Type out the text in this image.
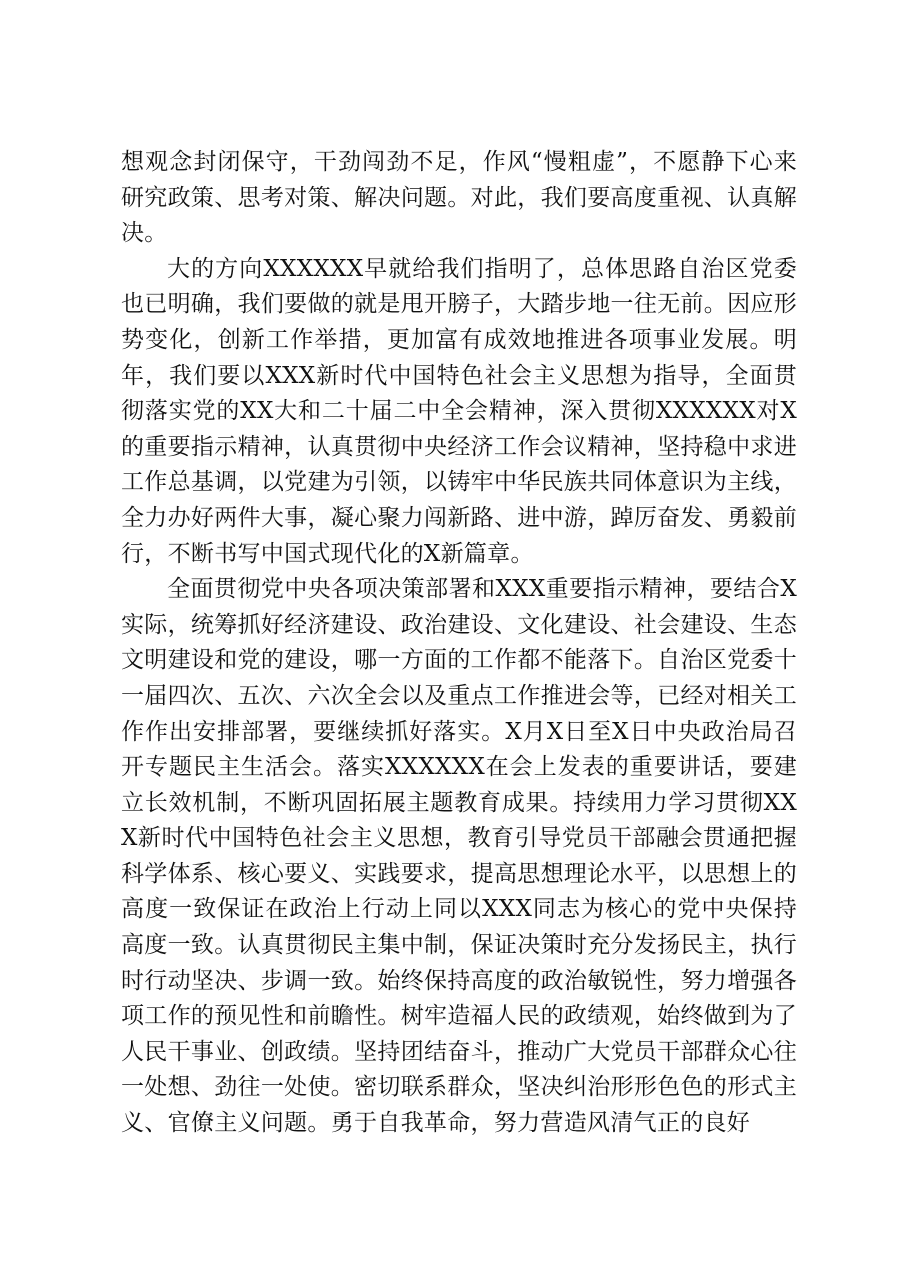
想观念封闭保守，干劲闯劲不足，作风“慢粗虚”，不愿静下心来研究政策、思考对策、解决问题。对此，我们要高度重视、认真解决。

大的方向XXXXXX早就给我们指明了，总体思路自治区党委也已明确，我们要做的就是甩开膀子，大踏步地一往无前。因应形势变化，创新工作举措，更加富有成效地推进各项事业发展。明年，我们要以XXX新时代中国特色社会主义思想为指导，全面贯彻落实党的XX大和二十届二中全会精神，深入贯彻XXXXXX对X的重要指示精神，认真贯彻中央经济工作会议精神，坚持稳中求进工作总基调，以党建为引领，以铸牢中华民族共同体意识为主线，全力办好两件大事，凝心聚力闯新路、进中游，踔厉奋发、勇毅前行，不断书写中国式现代化的X新篇章。

全面贯彻党中央各项决策部署和XXX重要指示精神，要结合X实际，统筹抓好经济建设、政治建设、文化建设、社会建设、生态文明建设和党的建设，哪一方面的工作都不能落下。自治区党委十一届四次、五次、六次全会以及重点工作推进会等，已经对相关工作作出安排部署，要继续抓好落实。X月X日至X日中央政治局召开专题民主生活会。落实XXXXXX在会上发表的重要讲话，要建立长效机制，不断巩固拓展主题教育成果。持续用力学习贯彻XXX新时代中国特色社会主义思想，教育引导党员干部融会贯通把握科学体系、核心要义、实践要求，提高思想理论水平，以思想上的高度一致保证在政治上行动上同以XXX同志为核心的党中央保持高度一致。认真贯彻民主集中制，保证决策时充分发扬民主，执行时行动坚决、步调一致。始终保持高度的政治敏锐性，努力增强各项工作的预见性和前瞻性。树牢造福人民的政绩观，始终做到为了人民干事业、创政绩。坚持团结奋斗，推动广大党员干部群众心往一处想、劲往一处使。密切联系群众，坚决纠治形形色色的形式主义、官僚主义问题。勇于自我革命，努力营造风清气正的良好
